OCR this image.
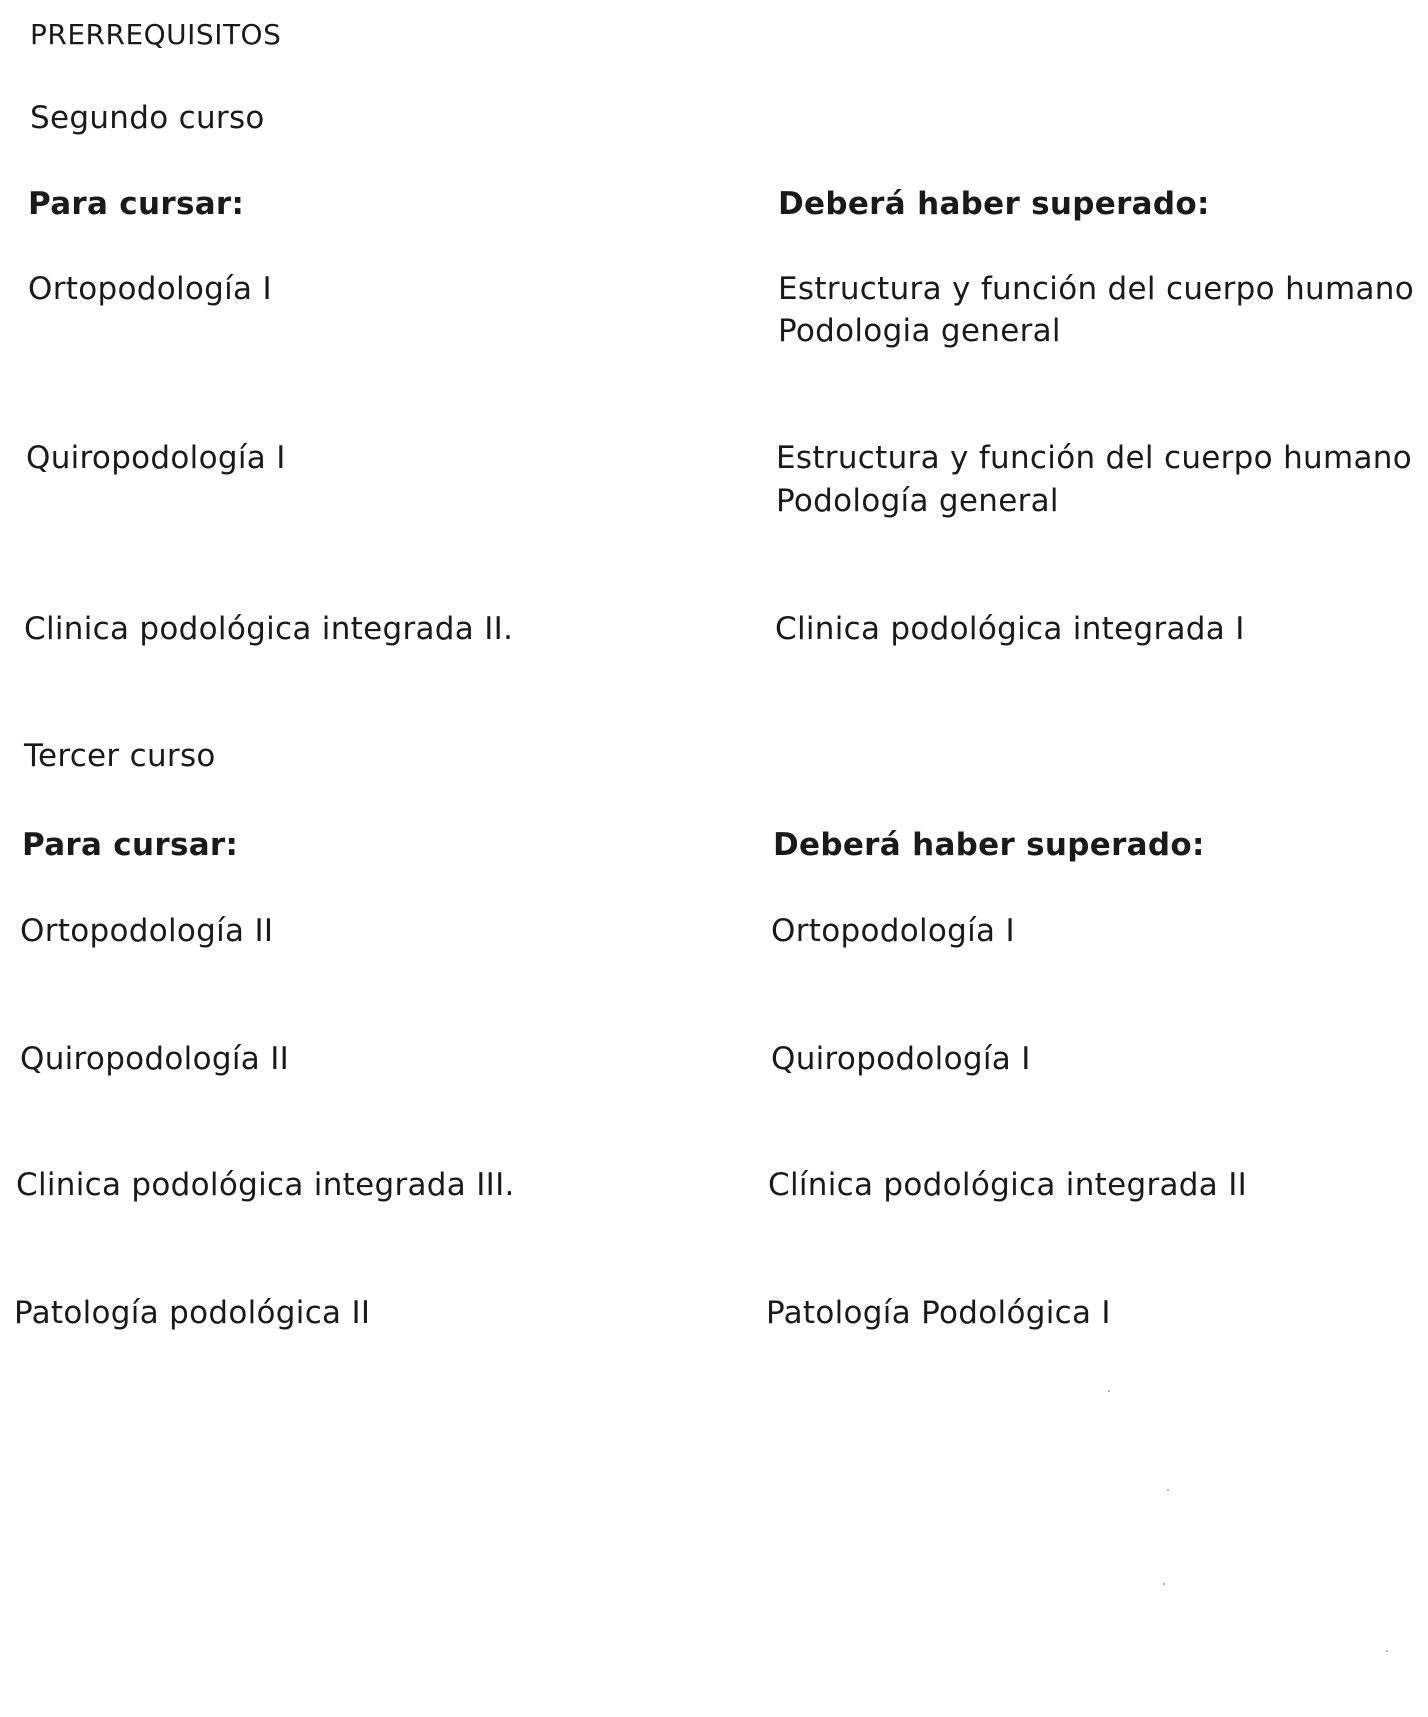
PRERREQUISITOS
Segundo curso
Para cursar:	Deberá haber superado:
Ortopodología I	Estructura y función del cuerpo humano
Podologia general
Quiropodología I	Estructura y función del cuerpo humano
Podología general
Clinica podológica integrada II.	Clinica podológica integrada I
Tercer curso
Para cursar:	Deberá haber superado:
Ortopodología II	Ortopodología I
Quiropodología II	Quiropodología I
Clinica podológica integrada III.	Clínica podológica integrada II
Patología podológica II	Patología Podológica I
